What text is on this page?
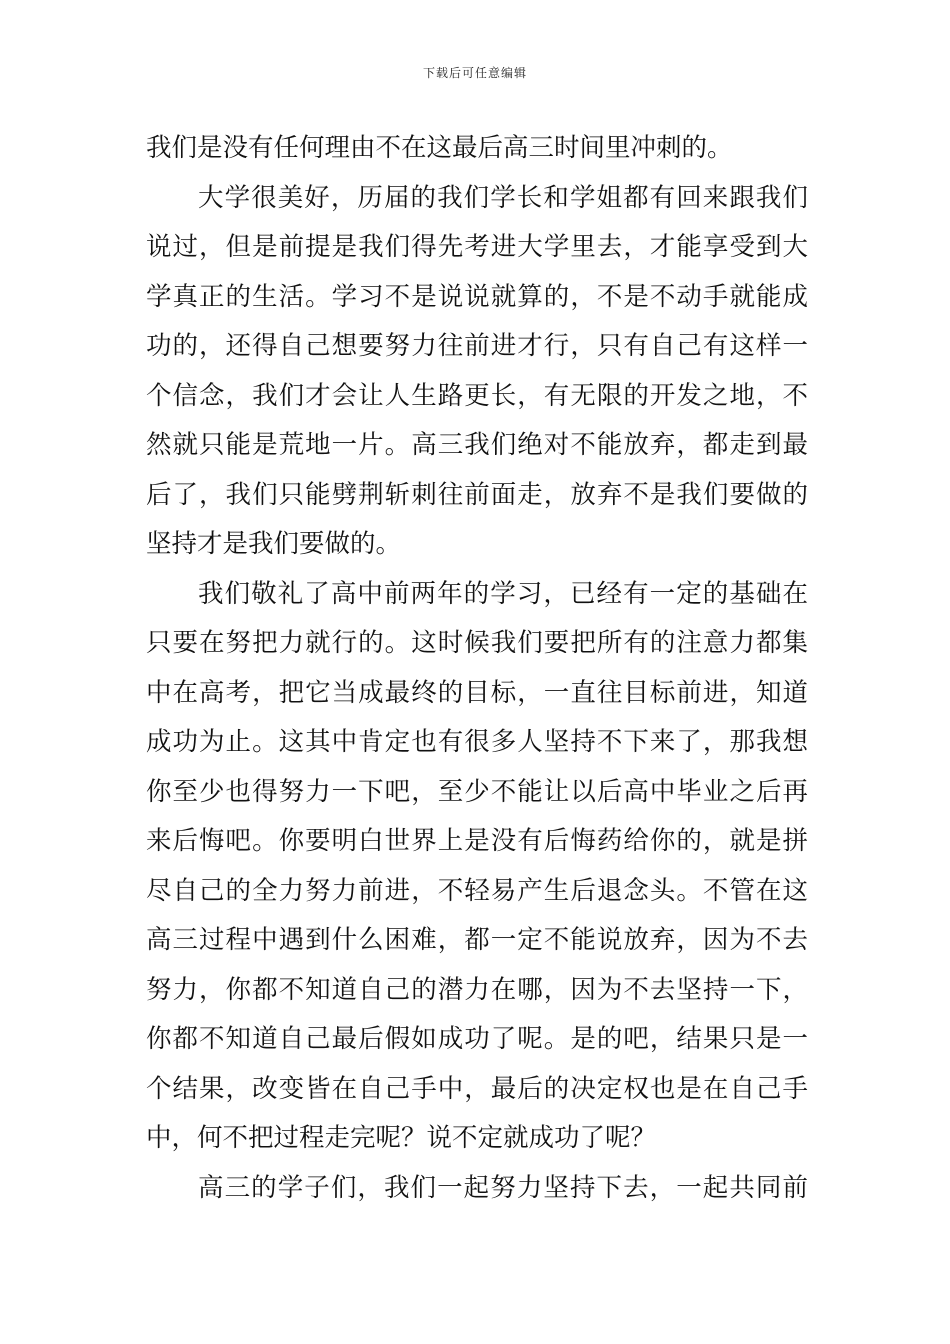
下载后可任意编辑
我们是没有任何理由不在这最后高三时间里冲刺的。
大学很美好，历届的我们学长和学姐都有回来跟我们
说过，但是前提是我们得先考进大学里去，才能享受到大
学真正的生活。学习不是说说就算的，不是不动手就能成
功的，还得自己想要努力往前进才行，只有自己有这样一
个信念，我们才会让人生路更长，有无限的开发之地，不
然就只能是荒地一片。高三我们绝对不能放弃，都走到最
后了，我们只能劈荆斩刺往前面走，放弃不是我们要做的
坚持才是我们要做的。
我们敬礼了高中前两年的学习，已经有一定的基础在
只要在努把力就行的。这时候我们要把所有的注意力都集
中在高考，把它当成最终的目标，一直往目标前进，知道
成功为止。这其中肯定也有很多人坚持不下来了，那我想
你至少也得努力一下吧，至少不能让以后高中毕业之后再
来后悔吧。你要明白世界上是没有后悔药给你的，就是拼
尽自己的全力努力前进，不轻易产生后退念头。不管在这
高三过程中遇到什么困难，都一定不能说放弃，因为不去
努力，你都不知道自己的潜力在哪，因为不去坚持一下，
你都不知道自己最后假如成功了呢。是的吧，结果只是一
个结果，改变皆在自己手中，最后的决定权也是在自己手
中，何不把过程走完呢？说不定就成功了呢？
高三的学子们，我们一起努力坚持下去，一起共同前
